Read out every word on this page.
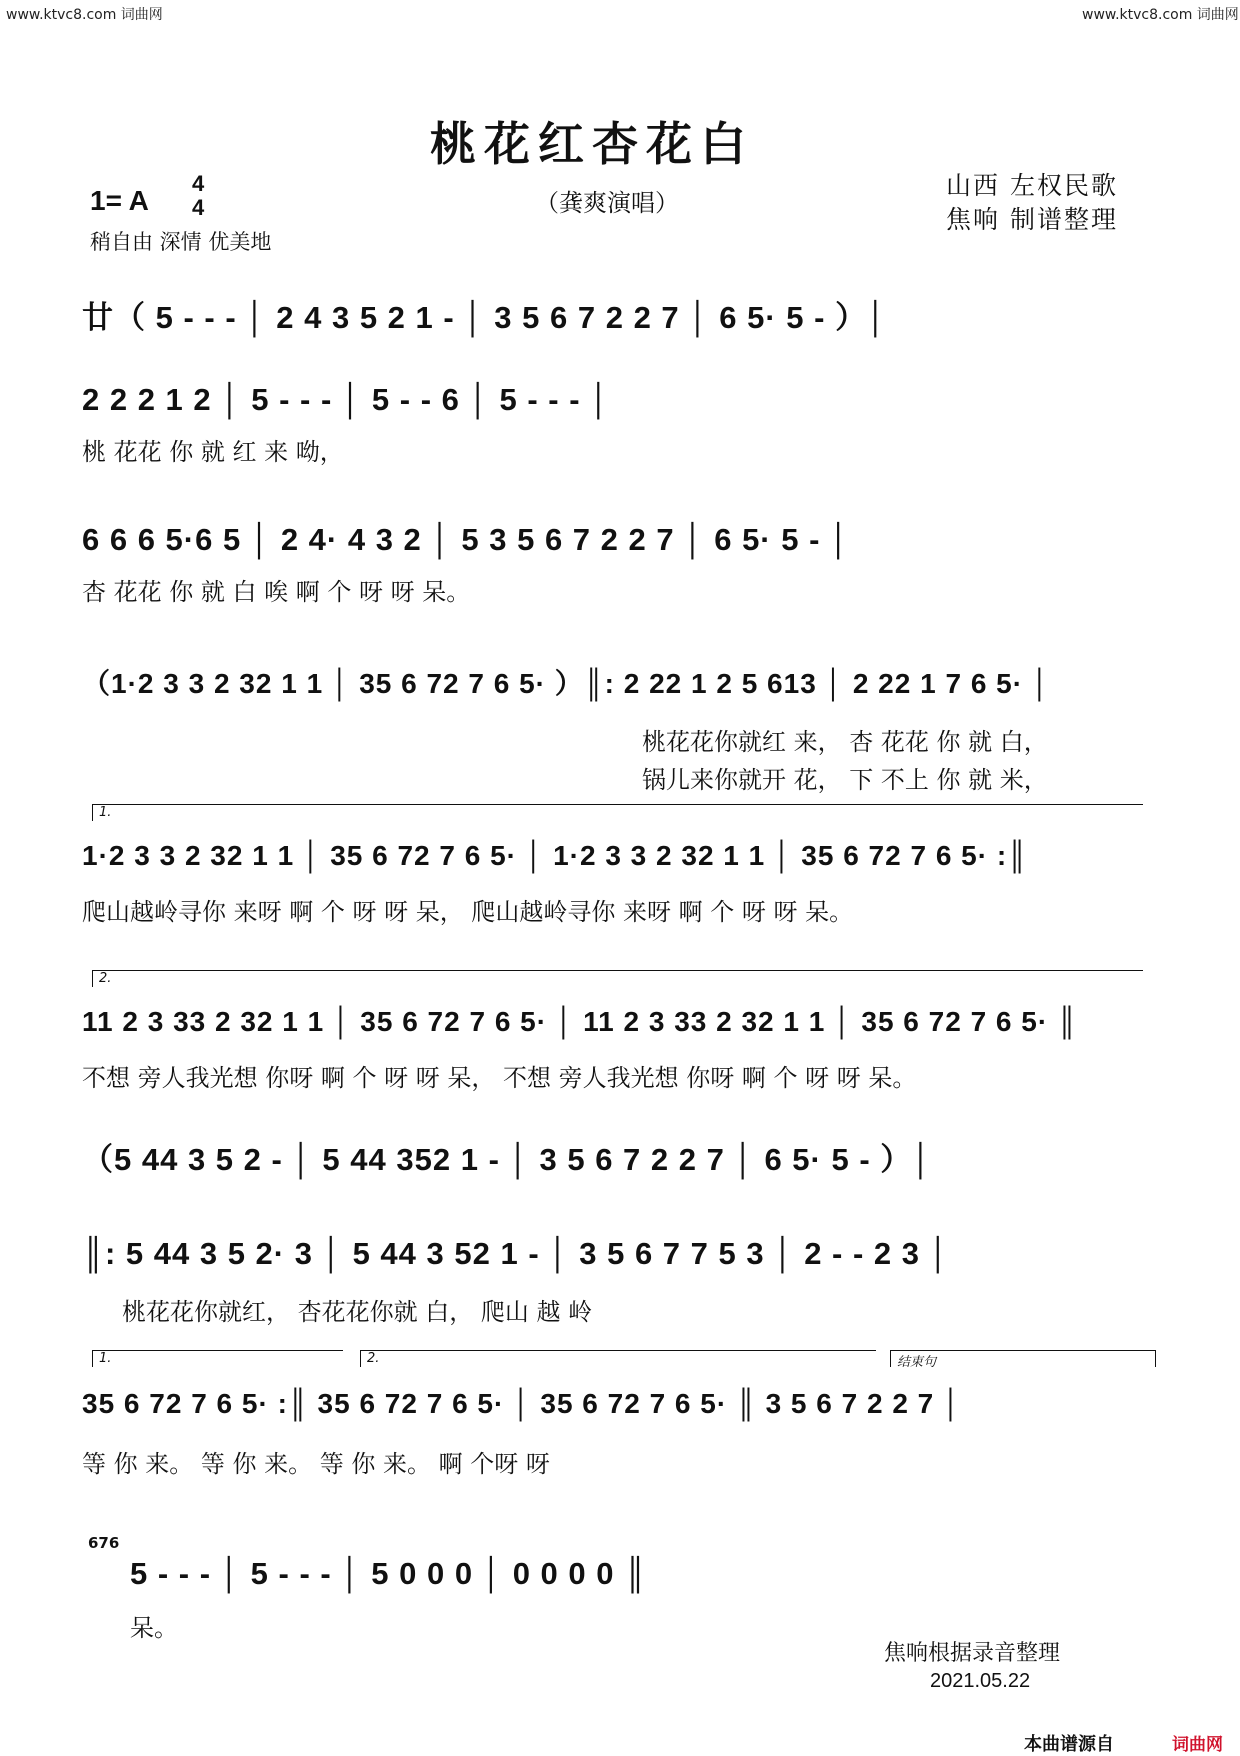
www.ktvc8.com 词曲网	www.ktvc8.com 词曲网
桃花红杏花白
（龚爽演唱）
1= A
4
4
稍自由 深情 优美地
山西 左权民歌
焦响 制谱整理
廿（ 5 - - - │ 2 4 3 5 2 1 - │ 3 5 6 7 2 2 7 │ 6 5· 5 - ）│
2 2 2 1 2 │ 5 - - - │ 5 - - 6 │ 5 - - - │
桃 花花 你 就 红 来 呦，
6 6 6 5·6 5 │ 2 4· 4 3 2 │ 5 3 5 6 7 2 2 7 │ 6 5· 5 - │
杏 花花 你 就 白 唉 啊 个 呀 呀 呆。
（1·2 3 3 2 32 1 1 │ 35 6 72 7 6 5· ）║: 2 22 1 2 5 613 │ 2 22 1 7 6 5· │
桃花花你就红 来， 杏 花花 你 就 白，
锅儿来你就开 花， 下 不上 你 就 米，
1.
1·2 3 3 2 32 1 1 │ 35 6 72 7 6 5· │ 1·2 3 3 2 32 1 1 │ 35 6 72 7 6 5· :║
爬山越岭寻你 来呀 啊 个 呀 呀 呆， 爬山越岭寻你 来呀 啊 个 呀 呀 呆。
2.
11 2 3 33 2 32 1 1 │ 35 6 72 7 6 5· │ 11 2 3 33 2 32 1 1 │ 35 6 72 7 6 5· ║
不想 旁人我光想 你呀 啊 个 呀 呀 呆， 不想 旁人我光想 你呀 啊 个 呀 呀 呆。
（5 44 3 5 2 - │ 5 44 352 1 - │ 3 5 6 7 2 2 7 │ 6 5· 5 - ）│
║: 5 44 3 5 2· 3 │ 5 44 3 52 1 - │ 3 5 6 7 7 5 3 │ 2 - - 2 3 │
桃花花你就红， 杏花花你就 白， 爬山 越 岭
1.	2.	结束句
35 6 72 7 6 5· :║ 35 6 72 7 6 5· │ 35 6 72 7 6 5· ║ 3 5 6 7 2 2 7 │
等 你 来。 等 你 来。 等 你 来。 啊 个呀 呀
676
5 - - - │ 5 - - - │ 5 0 0 0 │ 0 0 0 0 ║
呆。
焦响根据录音整理
2021.05.22
本曲谱源自	词曲网
